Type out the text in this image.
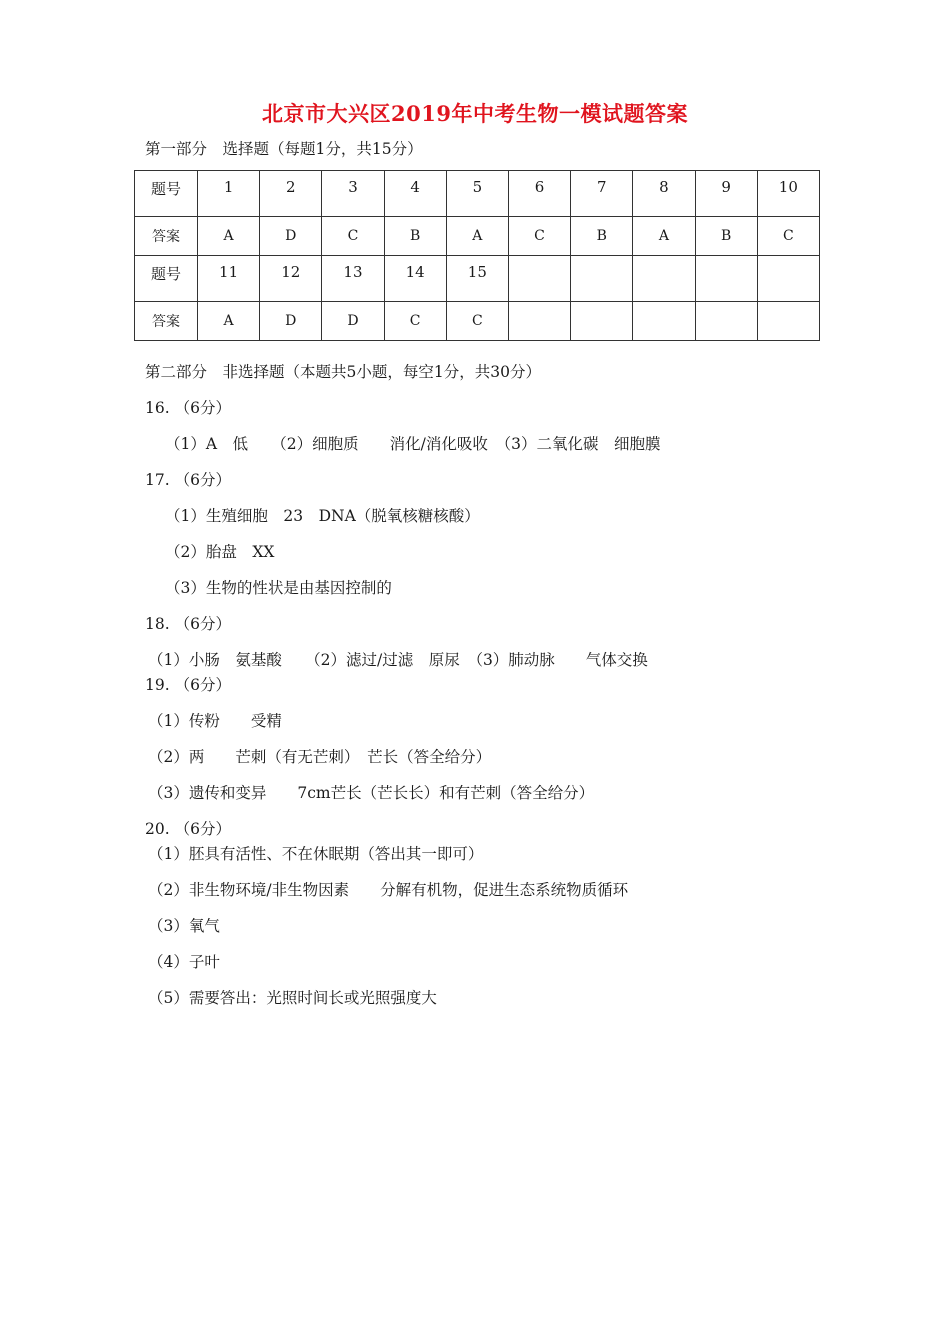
北京市大兴区2019年中考生物一模试题答案
第一部分　选择题（每题1分，共15分）
题号	1	2	3	4	5	6	7	8	9	10
答案	A	D	C	B	A	C	B	A	B	C
题号	11	12	13	14	15					
答案	A	D	D	C	C					
第二部分　非选择题（本题共5小题，每空1分，共30分）
16. （6分）
（1）A　低　　（2）细胞质　　消化/消化吸收　（3）二氧化碳　细胞膜
17. （6分）
（1）生殖细胞　23　DNA（脱氧核糖核酸）
（2）胎盘　XX
（3）生物的性状是由基因控制的
18. （6分）
（1）小肠　氨基酸　　（2）滤过/过滤　原尿　（3）肺动脉　　气体交换
19. （6分）
（1）传粉　　受精
（2）两　　芒刺（有无芒刺）　芒长（答全给分）
（3）遗传和变异　　7cm芒长（芒长长）和有芒刺（答全给分）
20. （6分）
（1）胚具有活性、不在休眠期（答出其一即可）
（2）非生物环境/非生物因素　　分解有机物，促进生态系统物质循环
（3）氧气
（4）子叶
（5）需要答出：光照时间长或光照强度大
